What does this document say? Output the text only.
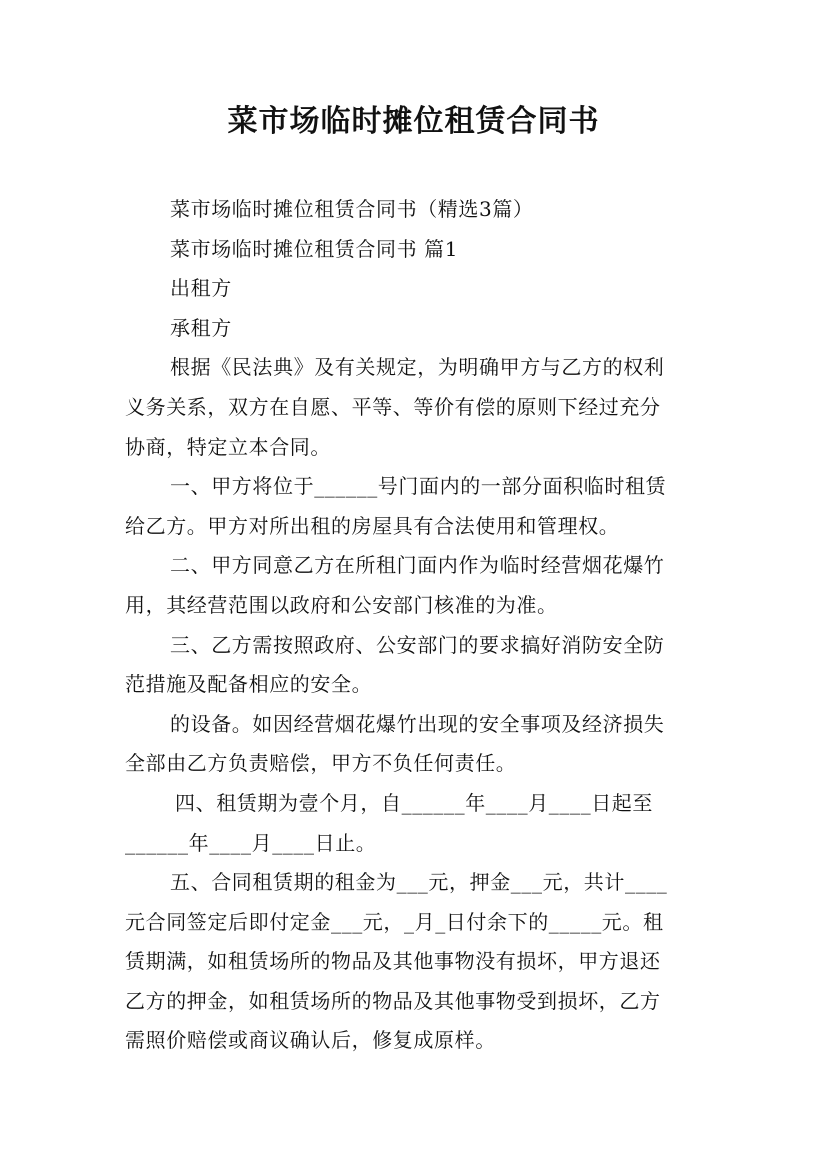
菜市场临时摊位租赁合同书
菜市场临时摊位租赁合同书（精选3篇）
菜市场临时摊位租赁合同书 篇1
出租方
承租方
根据《民法典》及有关规定，为明确甲方与乙方的权利
义务关系，双方在自愿、平等、等价有偿的原则下经过充分
协商，特定立本合同。
一、甲方将位于______号门面内的一部分面积临时租赁
给乙方。甲方对所出租的房屋具有合法使用和管理权。
二、甲方同意乙方在所租门面内作为临时经营烟花爆竹
用，其经营范围以政府和公安部门核准的为准。
三、乙方需按照政府、公安部门的要求搞好消防安全防
范措施及配备相应的安全。
的设备。如因经营烟花爆竹出现的安全事项及经济损失
全部由乙方负责赔偿，甲方不负任何责任。
四、租赁期为壹个月，自______年____月____日起至
______年____月____日止。
五、合同租赁期的租金为___元，押金___元，共计____
元合同签定后即付定金___元，_月_日付余下的_____元。租
赁期满，如租赁场所的物品及其他事物没有损坏，甲方退还
乙方的押金，如租赁场所的物品及其他事物受到损坏，乙方
需照价赔偿或商议确认后，修复成原样。
